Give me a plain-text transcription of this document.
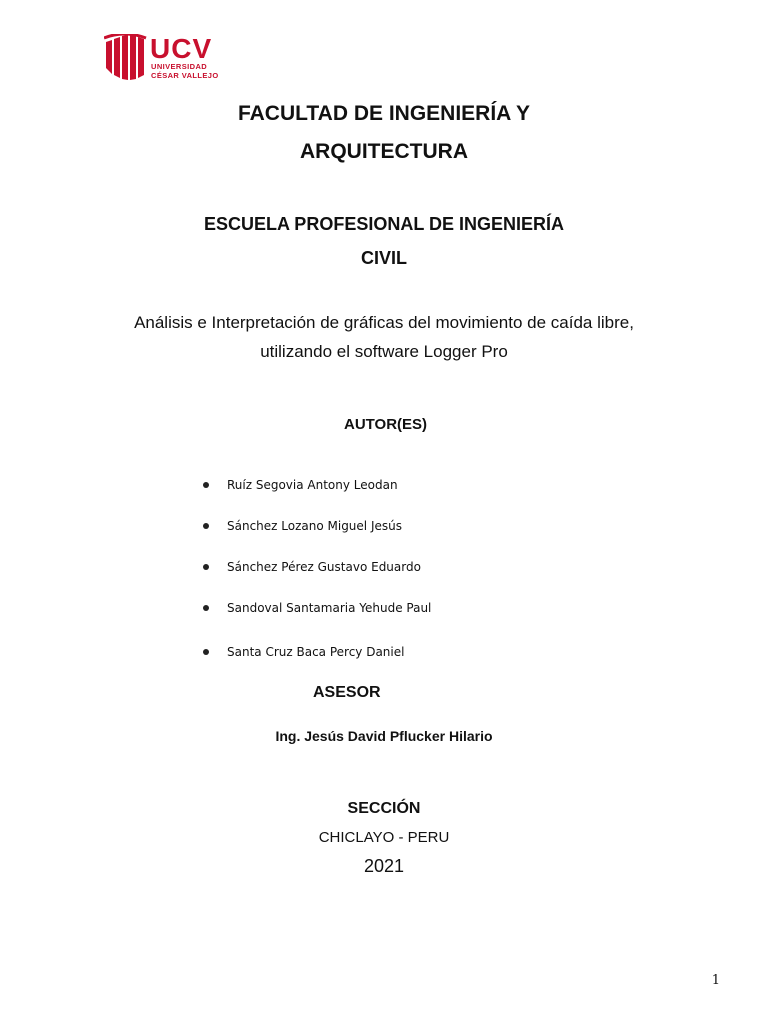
UCV
UNIVERSIDAD
CÉSAR VALLEJO
FACULTAD DE INGENIERÍA Y
ARQUITECTURA
ESCUELA PROFESIONAL DE INGENIERÍA
CIVIL
Análisis e Interpretación de gráficas del movimiento de caída libre,
utilizando el software Logger Pro
AUTOR(ES)
Ruíz Segovia Antony Leodan
Sánchez Lozano Miguel Jesús
Sánchez Pérez Gustavo Eduardo
Sandoval Santamaria Yehude Paul
Santa Cruz Baca Percy Daniel
ASESOR
Ing. Jesús David Pflucker Hilario
SECCIÓN
CHICLAYO - PERU
2021
1
